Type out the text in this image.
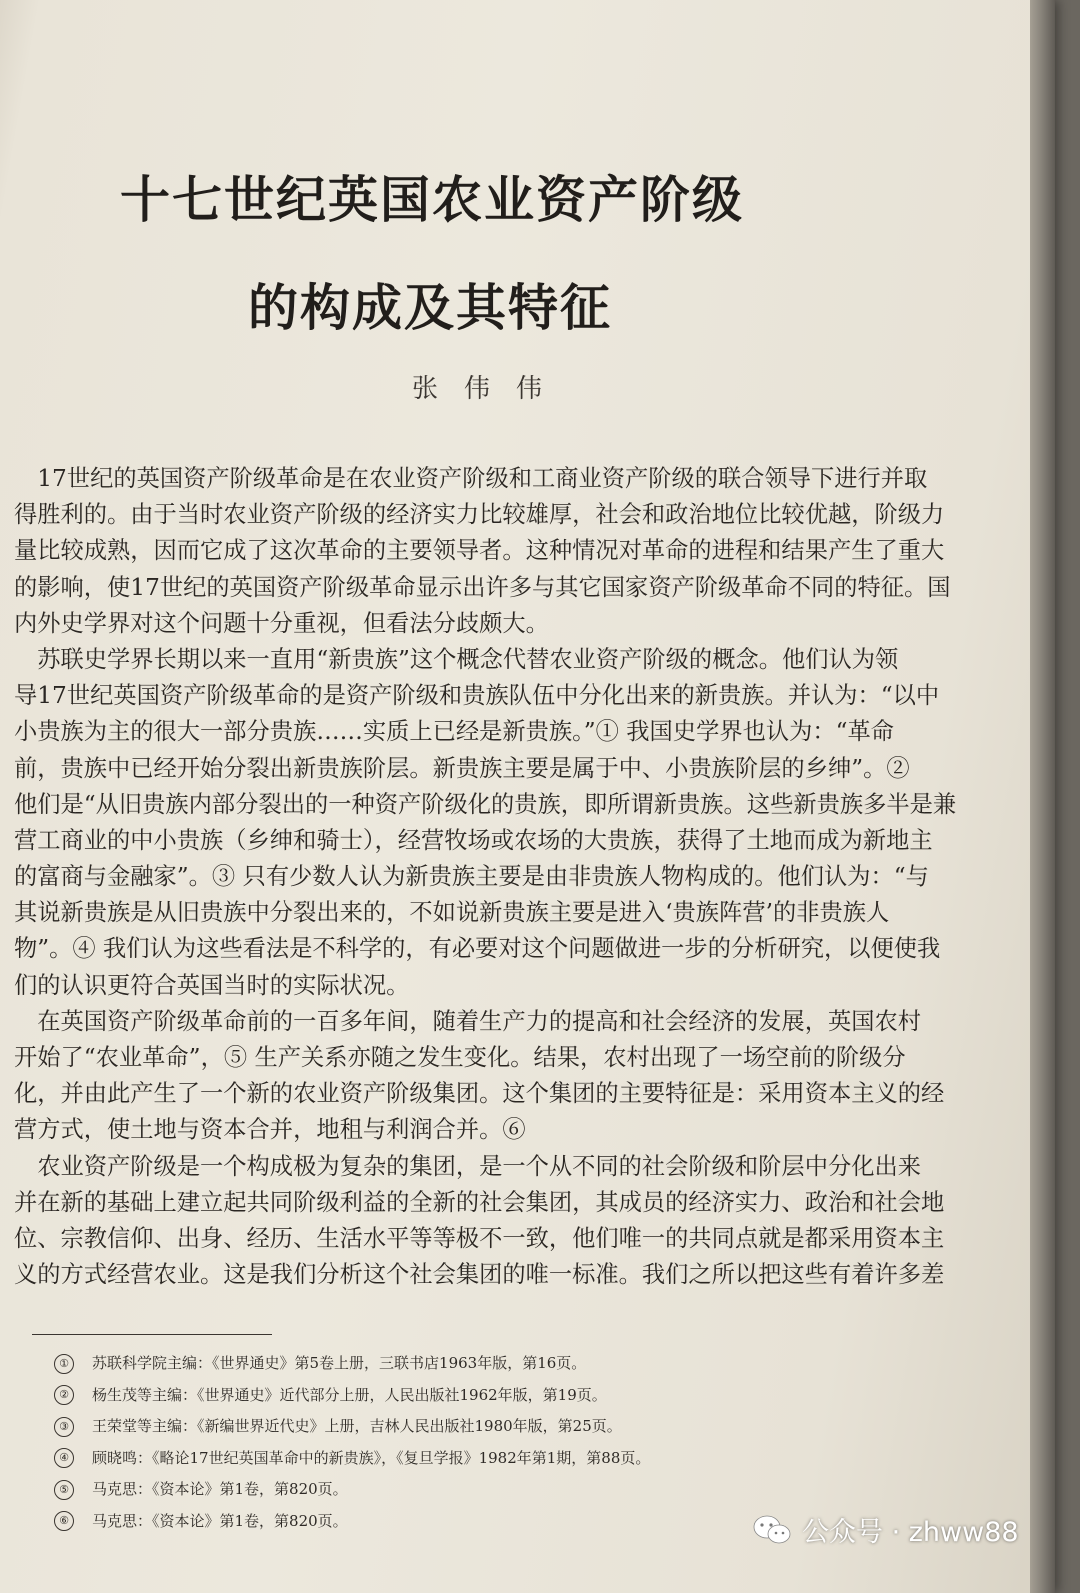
十七世纪英国农业资产阶级
的构成及其特征
张伟伟
　17世纪的英国资产阶级革命是在农业资产阶级和工商业资产阶级的联合领导下进行并取
得胜利的。由于当时农业资产阶级的经济实力比较雄厚，社会和政治地位比较优越，阶级力
量比较成熟，因而它成了这次革命的主要领导者。这种情况对革命的进程和结果产生了重大
的影响，使17世纪的英国资产阶级革命显示出许多与其它国家资产阶级革命不同的特征。国
内外史学界对这个问题十分重视，但看法分歧颇大。
　苏联史学界长期以来一直用“新贵族”这个概念代替农业资产阶级的概念。他们认为领
导17世纪英国资产阶级革命的是资产阶级和贵族队伍中分化出来的新贵族。并认为：“以中
小贵族为主的很大一部分贵族……实质上已经是新贵族。”① 我国史学界也认为：“革命
前，贵族中已经开始分裂出新贵族阶层。新贵族主要是属于中、小贵族阶层的乡绅”。②
他们是“从旧贵族内部分裂出的一种资产阶级化的贵族，即所谓新贵族。这些新贵族多半是兼
营工商业的中小贵族（乡绅和骑士），经营牧场或农场的大贵族，获得了土地而成为新地主
的富商与金融家”。③ 只有少数人认为新贵族主要是由非贵族人物构成的。他们认为：“与
其说新贵族是从旧贵族中分裂出来的，不如说新贵族主要是进入‘贵族阵营’的非贵族人
物”。④ 我们认为这些看法是不科学的，有必要对这个问题做进一步的分析研究，以便使我
们的认识更符合英国当时的实际状况。
　在英国资产阶级革命前的一百多年间，随着生产力的提高和社会经济的发展，英国农村
开始了“农业革命”，⑤ 生产关系亦随之发生变化。结果，农村出现了一场空前的阶级分
化，并由此产生了一个新的农业资产阶级集团。这个集团的主要特征是：采用资本主义的经
营方式，使土地与资本合并，地租与利润合并。⑥
　农业资产阶级是一个构成极为复杂的集团，是一个从不同的社会阶级和阶层中分化出来
并在新的基础上建立起共同阶级利益的全新的社会集团，其成员的经济实力、政治和社会地
位、宗教信仰、出身、经历、生活水平等等极不一致，他们唯一的共同点就是都采用资本主
义的方式经营农业。这是我们分析这个社会集团的唯一标准。我们之所以把这些有着许多差
①	苏联科学院主编：《世界通史》第5卷上册，三联书店1963年版，第16页。
②	杨生茂等主编：《世界通史》近代部分上册，人民出版社1962年版，第19页。
③	王荣堂等主编：《新编世界近代史》上册，吉林人民出版社1980年版，第25页。
④	顾晓鸣：《略论17世纪英国革命中的新贵族》，《复旦学报》1982年第1期，第88页。
⑤	马克思：《资本论》第1卷，第820页。
⑥	马克思：《资本论》第1卷，第820页。	公众号 · zhww88
